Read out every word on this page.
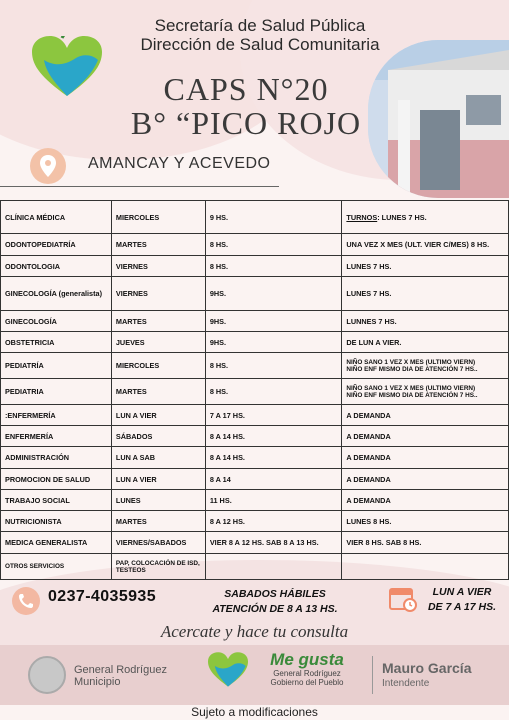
Secretaría de Salud Pública
Dirección de Salud Comunitaria
CAPS N°20
B° “PICO ROJO
AMANCAY Y ACEVEDO
CLÍNICA MÉDICA	MIERCOLES	9 HS.	TURNOS: LUNES 7 HS.
ODONTOPEDIATRÍA	MARTES	8 HS.	UNA VEZ X MES (ULT. VIER C/MES) 8 HS.
ODONTOLOGIA	VIERNES	8 HS.	LUNES 7 HS.
GINECOLOGÍA (generalista)	VIERNES	9HS.	LUNES 7 HS.
GINECOLOGÍA	MARTES	9HS.	LUNNES 7 HS.
OBSTETRICIA	JUEVES	9HS.	DE LUN A VIER.
PEDIATRÍA	MIERCOLES	8 HS.	NIÑO SANO 1 VEZ X MES (ULTIMO VIERN)
NIÑO ENF MISMO DIA DE ATENCIÓN 7 HS..

PEDIATRIA	MARTES	8 HS.	NIÑO SANO 1 VEZ X MES (ULTIMO VIERN)
NIÑO ENF MISMO DIA DE ATENCIÓN 7 HS..

:ENFERMERÍA	LUN A VIER	7 A 17 HS.	A DEMANDA
ENFERMERÍA	SÁBADOS	8 A 14 HS.	A DEMANDA
ADMINISTRACIÓN	LUN A SAB	8 A 14 HS.	A DEMANDA
PROMOCION DE SALUD	LUN A VIER	8 A 14	A DEMANDA
TRABAJO SOCIAL	LUNES	11 HS.	A DEMANDA
NUTRICIONISTA	MARTES	8 A 12 HS.	LUNES 8 HS.
MEDICA GENERALISTA	VIERNES/SABADOS	VIER 8 A 12 HS. SAB 8 A 13 HS.	VIER 8 HS. SAB 8 HS.
OTROS SERVICIOS	PAP, COLOCACIÓN DE ISD, TESTEOS		
0237-4035935	SABADOS HÁBILES
ATENCIÓN DE 8 A 13 HS.
LUN A VIER
DE 7 A 17 HS.
Acercate y hace tu consulta
General Rodríguez
Municipio
Me gusta
General Rodríguez
Gobierno del Pueblo
Mauro García
Intendente
Sujeto a modificaciones
